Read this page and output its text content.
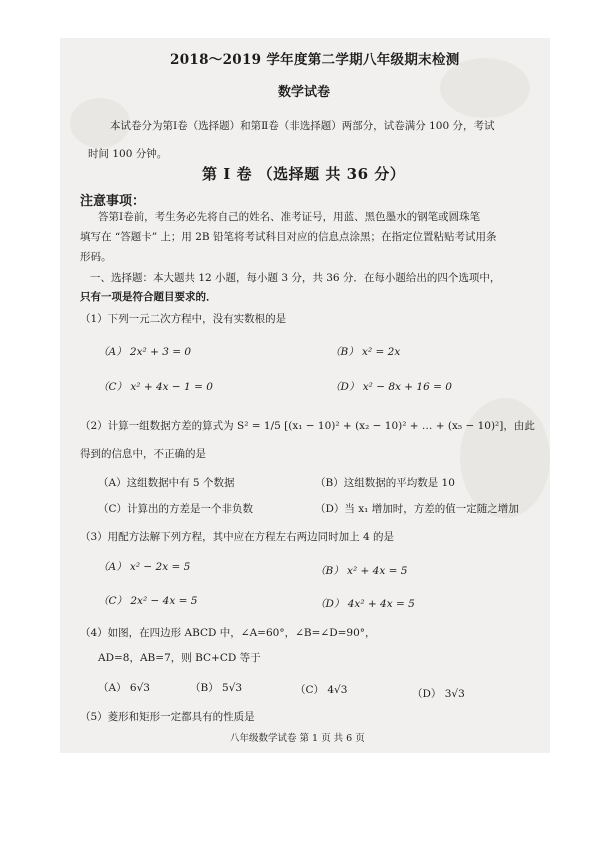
2018～2019 学年度第二学期八年级期末检测
数学试卷
本试卷分为第Ⅰ卷（选择题）和第Ⅱ卷（非选择题）两部分，试卷满分 100 分，考试
时间 100 分钟。
第 Ⅰ 卷 （选择题 共 36 分）
注意事项：
答第Ⅰ卷前，考生务必先将自己的姓名、准考证号，用蓝、黑色墨水的钢笔或圆珠笔
填写在 “答题卡” 上；用 2B 铅笔将考试科目对应的信息点涂黑；在指定位置粘贴考试用条
形码。
一、选择题：本大题共 12 小题，每小题 3 分，共 36 分．在每小题给出的四个选项中，
只有一项是符合题目要求的．
（1）下列一元二次方程中，没有实数根的是
（A） 2x² + 3 = 0	（B） x² = 2x
（C） x² + 4x − 1 = 0	（D） x² − 8x + 16 = 0
（2）计算一组数据方差的算式为 S² = 1/5 [(x₁ − 10)² + (x₂ − 10)² + … + (x₅ − 10)²]，由此
得到的信息中，不正确的是
（A）这组数据中有 5 个数据	（B）这组数据的平均数是 10
（C）计算出的方差是一个非负数	（D）当 x₁ 增加时，方差的值一定随之增加
（3）用配方法解下列方程，其中应在方程左右两边同时加上 4 的是
（A） x² − 2x = 5	（B） x² + 4x = 5
（C） 2x² − 4x = 5	（D） 4x² + 4x = 5
（4）如图，在四边形 ABCD 中，∠A=60°，∠B=∠D=90°，
AD=8，AB=7，则 BC+CD 等于
（A） 6√3	（B） 5√3	（C） 4√3	（D） 3√3
（5）菱形和矩形一定都具有的性质是
八年级数学试卷 第 1 页 共 6 页
